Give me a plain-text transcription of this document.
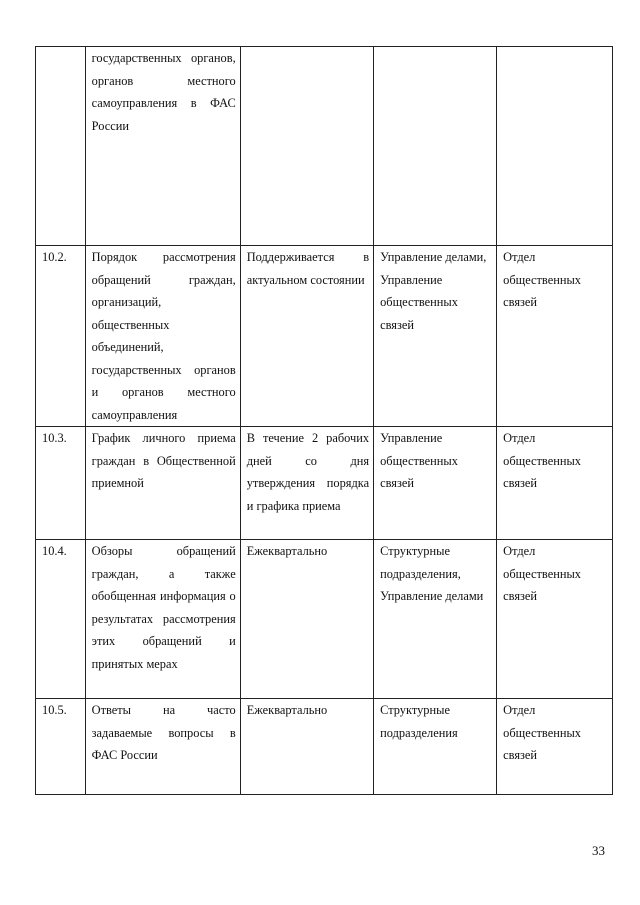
	государственных органов, органов местного самоуправления в ФАС России			
10.2.	Порядок рассмотрения обращений граждан, организаций, общественных объединений, государственных органов и органов местного самоуправления	Поддерживается в актуальном состоянии	Управление делами, Управление общественных связей	Отдел общественных связей
10.3.	График личного приема граждан в Общественной приемной	В течение 2 рабочих дней со дня утверждения порядка и графика приема	Управление общественных связей	Отдел общественных связей
10.4.	Обзоры обращений граждан, а также обобщенная информация о результатах рассмотрения этих обращений и принятых мерах	Ежеквартально	Структурные подразделения, Управление делами	Отдел общественных связей
10.5.	Ответы на часто задаваемые вопросы в ФАС России	Ежеквартально	Структурные подразделения	Отдел общественных связей
33
